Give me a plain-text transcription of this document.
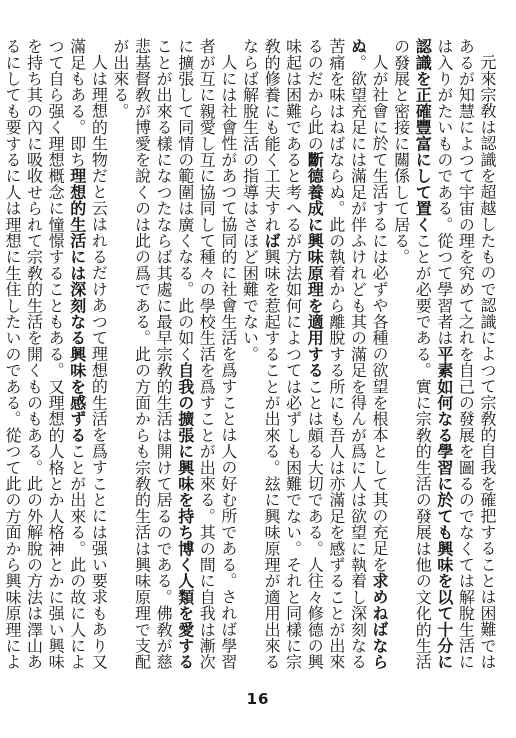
元來宗敎は認識を超越したもので認識によつて宗敎的自我を確把することは困難ではあるが知慧によつて宇宙の理を究めて之れを自己の發展を圖るのでなくては解脫生活には入りがたいものである。從つて學習者は平素如何なる學習に於ても興味を以て十分に認識を正確豐富にして置くことが必要である。實に宗敎的生活の發展は他の文化的生活の發展と密接に關係して居る。

人が社會に於て生活するには必ずや各種の欲望を根本として其の充足を求めねばならぬ。欲望充足には滿足が伴ふけれども其の滿足を得んが爲に人は欲望に執着し深刻なる苦痛を味はねばならぬ。此の執着から離脫する所にも吾人は亦滿足を感ずることが出來るのだから此の斷德養成に興味原理を適用することは頗る大切である。人往々修德の興味起は困難であると考へるが方法如何によつては必ずしも困難でない。それと同樣に宗敎的修養にも能く工夫すれば興味を惹起することが出來る。玆に興味原理が適用出來るならば解脫生活の指導はさほど困難でない。

人には社會性があつて協同的に社會生活を爲すことは人の好む所である。されば學習者が互に親愛し互に協同して種々の學校生活を爲すことが出來る。其の間に自我は漸次に擴張して同情の範圍は廣くなる。此の如く自我の擴張に興味を持ち博く人類を愛することが出來る樣になつたならば其處に最早宗敎的生活は開けて居るのである。佛敎が慈悲基督敎が博愛を說くのは此の爲である。此の方面からも宗敎的生活は興味原理で支配が出來る。

人は理想的生物だと云はれるだけあつて理想的生活を爲すことには强い要求もあり又滿足もある。即ち理想的生活には深刻なる興味を感ずることが出來る。此の故に人によつて自ら强く理想概念に憧憬することもある。又理想的人格とか人格神とかに强い興味を持ち其の內に吸收せられて宗敎的生活を開くものもある。此の外解脫の方法は澤山あるにしても要するに人は理想に生住したいのである。從つて此の方面から興味原理によ

16
